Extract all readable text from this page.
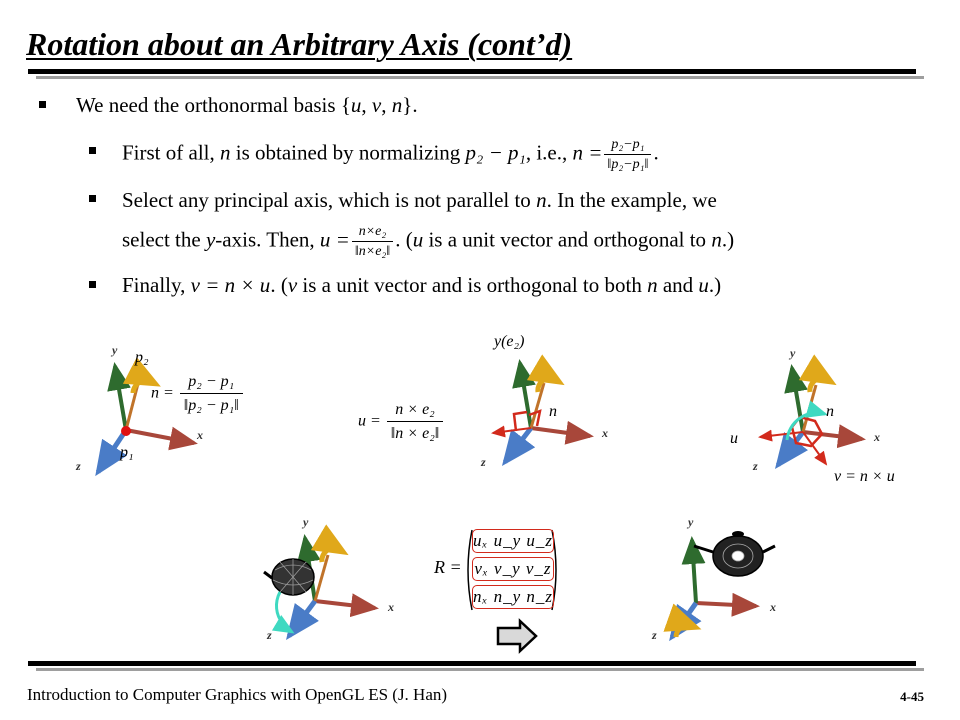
Rotation about an Arbitrary Axis (cont’d)
We need the orthonormal basis {u, v, n}.
First of all, n is obtained by normalizing p₂ − p₁, i.e., $n = \frac{\text{p₂−p₁}}{\text{‖p₂−p₁‖}}$ .
Select any principal axis, which is not parallel to n. In the example, we
select the y-axis. Then, $u = \frac{\text{n×e₂}}{\text{‖n×e₂‖}}$ . (u is a unit vector and orthogonal to n.)
Finally, v = n × u. (v is a unit vector and is orthogonal to both n and u.)
y
x
z
p₂
p₁
$n = \frac{\text{p₂ − p₁}}{\text{‖p₂ − p₁‖}}$
y(e₂)
x
z
n
$u = \frac{\text{n × e₂}}{\text{‖n × e₂‖}}$
y
x
z
n
u
v = n × u
y
x
z
R =
uₓ u_y u_z
vₓ v_y v_z
nₓ n_y n_z
y
x
z
Introduction to Computer Graphics with OpenGL ES (J. Han)	4-45
